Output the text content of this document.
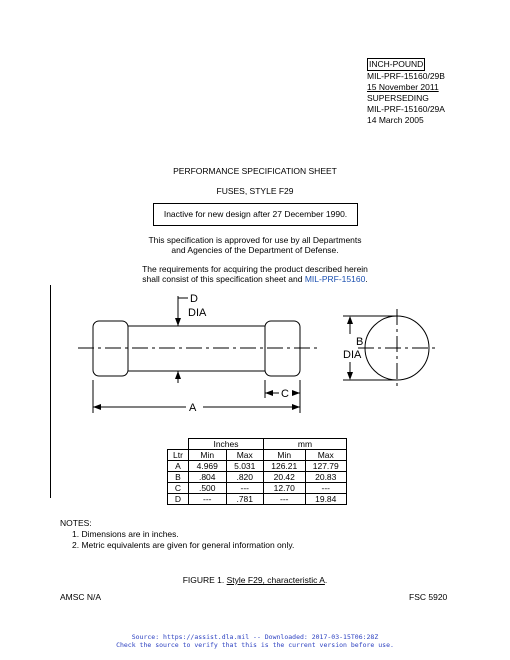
INCH-POUND
MIL-PRF-15160/29B
15 November 2011
SUPERSEDING
MIL-PRF-15160/29A
14 March 2005
PERFORMANCE SPECIFICATION SHEET
FUSES, STYLE F29
Inactive for new design after 27 December 1990.
This specification is approved for use by all Departments
and Agencies of the Department of Defense.
The requirements for acquiring the product described herein
shall consist of this specification sheet and MIL-PRF-15160.
D
DIA
B
DIA
C
A
	Inches		mm	
Ltr	Min	Max	Min	Max
A	4.969	5.031	126.21	127.79
B	.804	.820	20.42	20.83
C	.500	---	12.70	---
D	---	.781	---	19.84
NOTES:
1. Dimensions are in inches.
2. Metric equivalents are given for general information only.
FIGURE 1. Style F29, characteristic A.
AMSC N/A	FSC 5920
Source: https://assist.dla.mil -- Downloaded: 2017-03-15T06:28Z
Check the source to verify that this is the current version before use.
